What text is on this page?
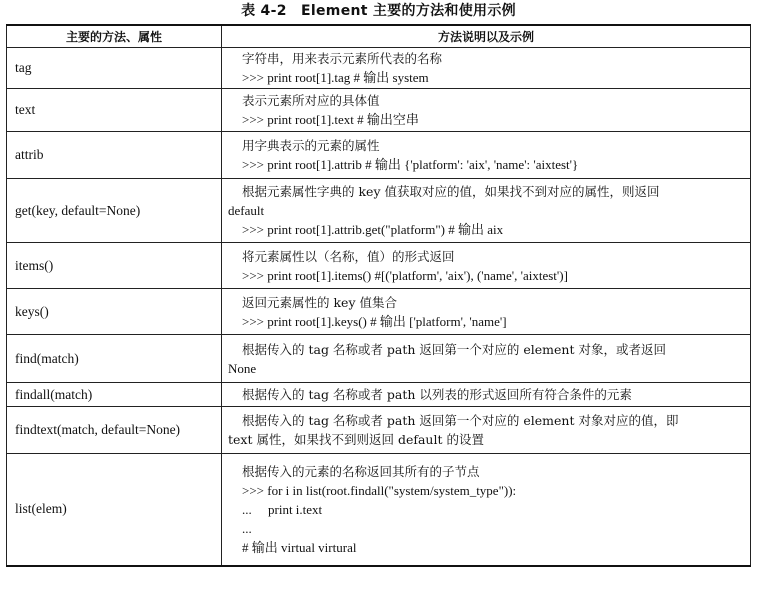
表 4-2　Element 主要的方法和使用示例
主要的方法、属性	方法说明以及示例
tag	字符串，用来表示元素所代表的名称
>>> print root[1].tag # 输出 system

text	表示元素所对应的具体值
>>> print root[1].text # 输出空串

attrib	用字典表示的元素的属性
>>> print root[1].attrib # 输出 {'platform': 'aix', 'name': 'aixtest'}

get(key, default=None)	根据元素属性字典的 key 值获取对应的值，如果找不到对应的属性，则返回
default
>>> print root[1].attrib.get("platform") # 输出 aix

items()	将元素属性以（名称，值）的形式返回
>>> print root[1].items() #[('platform', 'aix'), ('name', 'aixtest')]

keys()	返回元素属性的 key 值集合
>>> print root[1].keys() # 输出 ['platform', 'name']

find(match)	根据传入的 tag 名称或者 path 返回第一个对应的 element 对象，或者返回
None

findall(match)	根据传入的 tag 名称或者 path 以列表的形式返回所有符合条件的元素

findtext(match, default=None)	根据传入的 tag 名称或者 path 返回第一个对应的 element 对象对应的值，即
text 属性，如果找不到则返回 default 的设置

list(elem)	根据传入的元素的名称返回其所有的子节点
>>> for i in list(root.findall("system/system_type")):
...     print i.text
...
# 输出 virtual virtural
